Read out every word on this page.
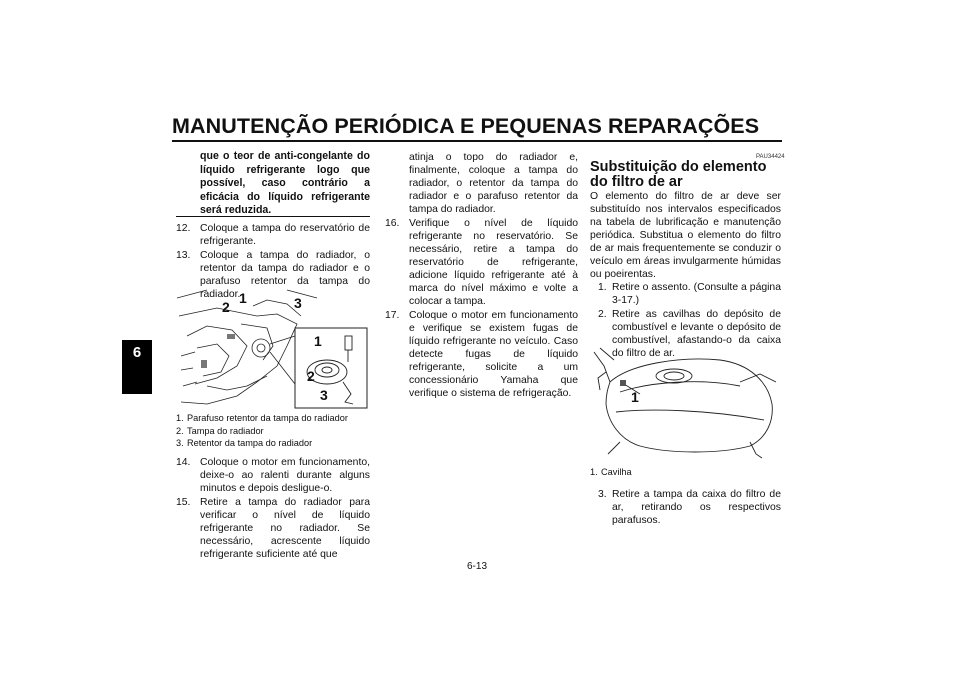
MANUTENÇÃO PERIÓDICA E PEQUENAS REPARAÇÕES
6
que o teor de anti-congelante do líquido refrigerante logo que possível, caso contrário a eficácia do líquido refrigerante será reduzida.
12. Coloque a tampa do reservatório de refrigerante.
13. Coloque a tampa do radiador, o retentor da tampa do radiador e o parafuso retentor da tampa do radiador.
2
1	3
1
2
3
1. Parafuso retentor da tampa do radiador
2. Tampa do radiador
3. Retentor da tampa do radiador
14. Coloque o motor em funcionamento, deixe-o ao ralenti durante alguns minutos e depois desligue-o.
15. Retire a tampa do radiador para verificar o nível de líquido refrigerante no radiador. Se necessário, acrescente líquido refrigerante suficiente até que
atinja o topo do radiador e, finalmente, coloque a tampa do radiador, o retentor da tampa do radiador e o parafuso retentor da tampa do radiador.
16. Verifique o nível de líquido refrigerante no reservatório. Se necessário, retire a tampa do reservatório de refrigerante, adicione líquido refrigerante até à marca do nível máximo e volte a colocar a tampa.
17. Coloque o motor em funcionamento e verifique se existem fugas de líquido refrigerante no veículo. Caso detecte fugas de líquido refrigerante, solicite a um concessionário Yamaha que verifique o sistema de refrigeração.
PAU34424
Substituição do elemento do filtro de ar
O elemento do filtro de ar deve ser substituído nos intervalos especificados na tabela de lubrificação e manutenção periódica. Substitua o elemento do filtro de ar mais frequentemente se conduzir o veículo em áreas invulgarmente húmidas ou poeirentas.
1. Retire o assento. (Consulte a página 3-17.)
2. Retire as cavilhas do depósito de combustível e levante o depósito de combustível, afastando-o da caixa do filtro de ar.
1
1. Cavilha
3. Retire a tampa da caixa do filtro de ar, retirando os respectivos parafusos.
6-13
